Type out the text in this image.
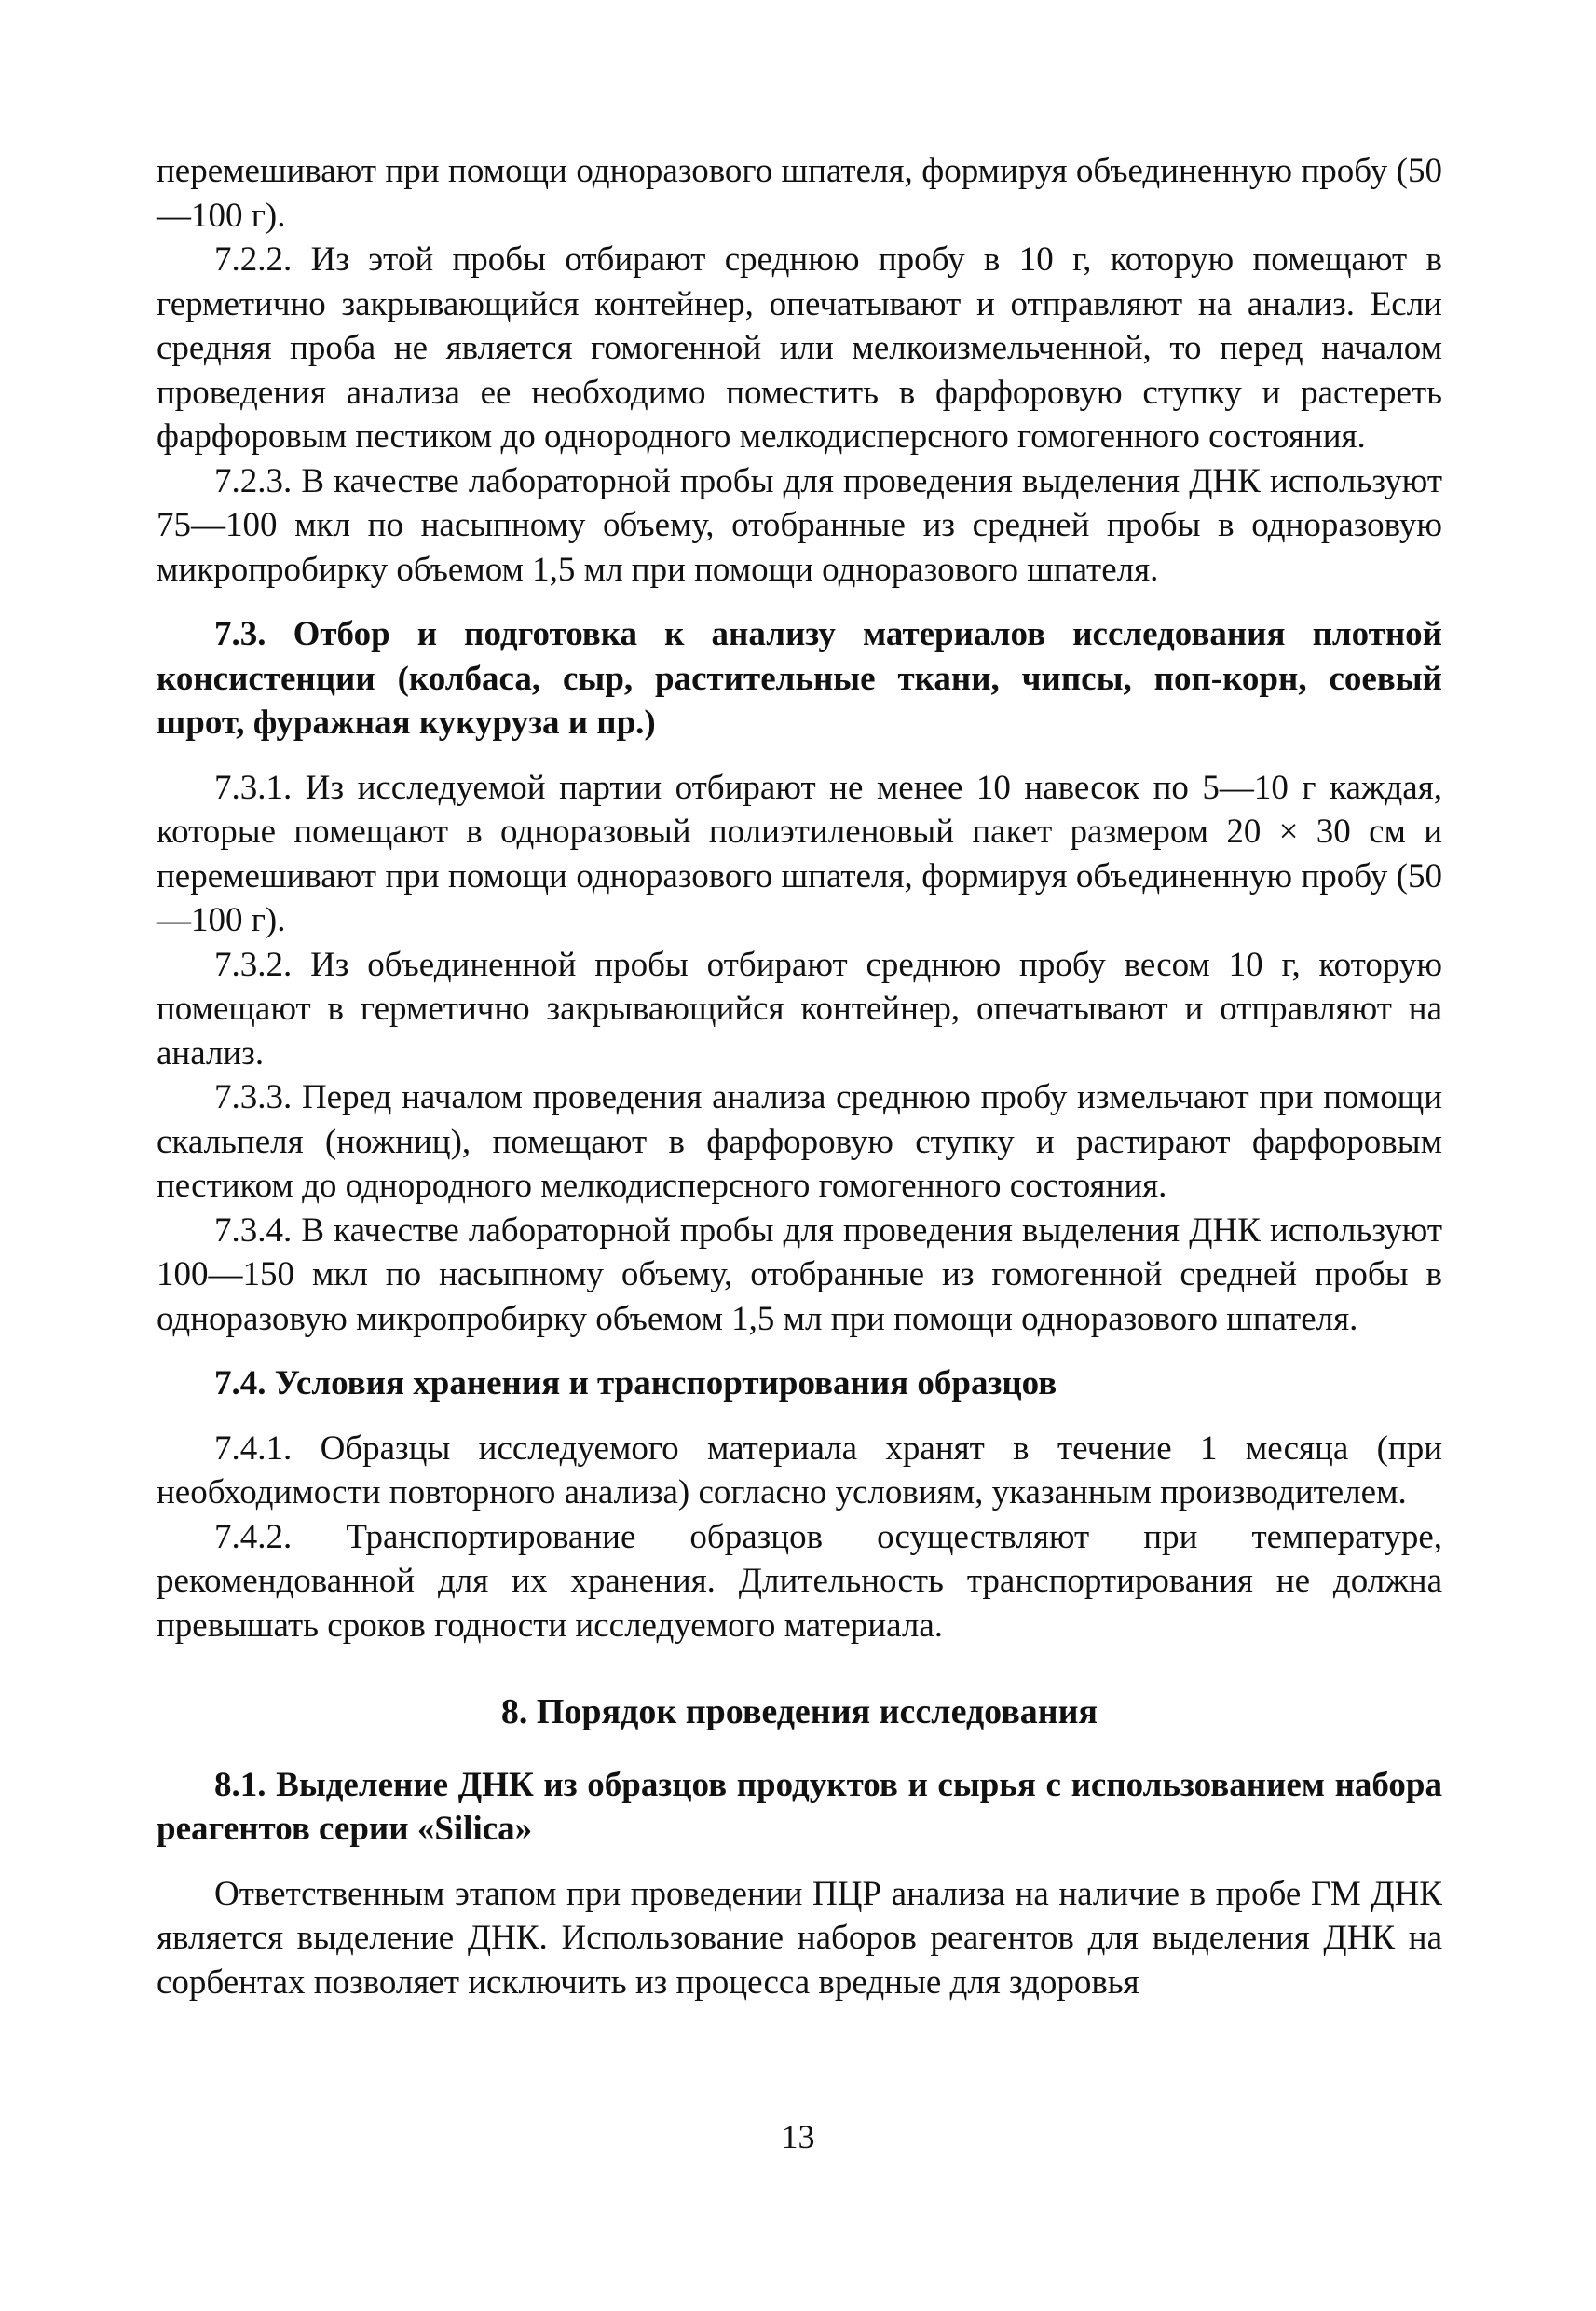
перемешивают при помощи одноразового шпателя, формируя объединенную пробу (50—100 г).

7.2.2. Из этой пробы отбирают среднюю пробу в 10 г, которую помещают в герметично закрывающийся контейнер, опечатывают и отправляют на анализ. Если средняя проба не является гомогенной или мелкоизмельченной, то перед началом проведения анализа ее необходимо поместить в фарфоровую ступку и растереть фарфоровым пестиком до однородного мелкодисперсного гомогенного состояния.

7.2.3. В качестве лабораторной пробы для проведения выделения ДНК используют 75—100 мкл по насыпному объему, отобранные из средней пробы в одноразовую микропробирку объемом 1,5 мл при помощи одноразового шпателя.

7.3. Отбор и подготовка к анализу материалов исследования плотной консистенции (колбаса, сыр, растительные ткани, чипсы, поп-корн, соевый шрот, фуражная кукуруза и пр.)

7.3.1. Из исследуемой партии отбирают не менее 10 навесок по 5—10 г каждая, которые помещают в одноразовый полиэтиленовый пакет размером 20 × 30 см и перемешивают при помощи одноразового шпателя, формируя объединенную пробу (50—100 г).

7.3.2. Из объединенной пробы отбирают среднюю пробу весом 10 г, которую помещают в герметично закрывающийся контейнер, опечатывают и отправляют на анализ.

7.3.3. Перед началом проведения анализа среднюю пробу измельчают при помощи скальпеля (ножниц), помещают в фарфоровую ступку и растирают фарфоровым пестиком до однородного мелкодисперсного гомогенного состояния.

7.3.4. В качестве лабораторной пробы для проведения выделения ДНК используют 100—150 мкл по насыпному объему, отобранные из гомогенной средней пробы в одноразовую микропробирку объемом 1,5 мл при помощи одноразового шпателя.

7.4. Условия хранения и транспортирования образцов

7.4.1. Образцы исследуемого материала хранят в течение 1 месяца (при необходимости повторного анализа) согласно условиям, указанным производителем.

7.4.2. Транспортирование образцов осуществляют при температуре, рекомендованной для их хранения. Длительность транспортирования не должна превышать сроков годности исследуемого материала.

8. Порядок проведения исследования

8.1. Выделение ДНК из образцов продуктов и сырья с использованием набора реагентов серии «Silica»

Ответственным этапом при проведении ПЦР анализа на наличие в пробе ГМ ДНК является выделение ДНК. Использование наборов реагентов для выделения ДНК на сорбентах позволяет исключить из процесса вредные для здоровья

13
